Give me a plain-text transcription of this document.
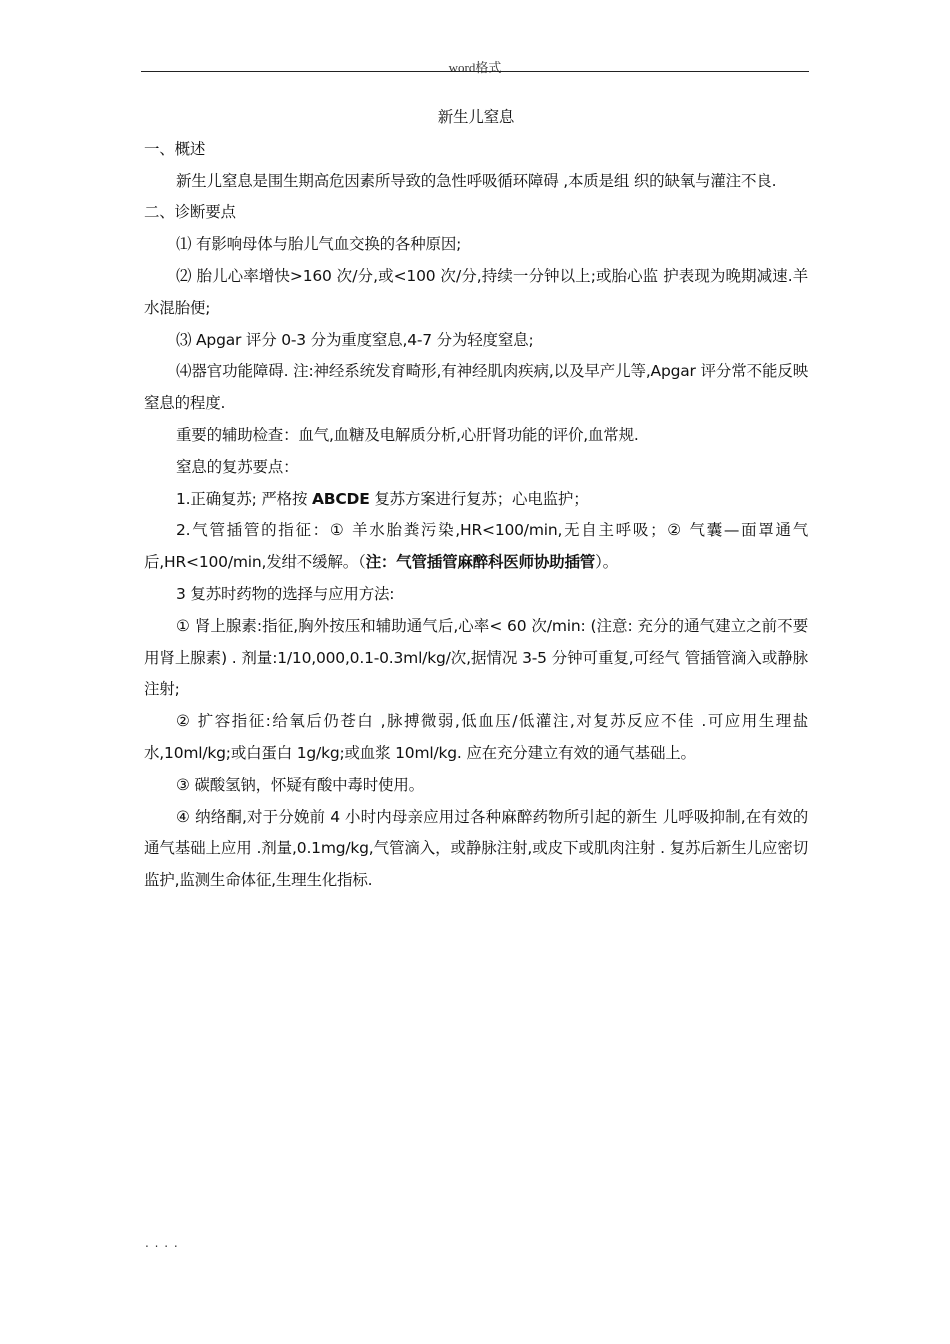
word格式

新生儿窒息

一、概述

新生儿窒息是围生期高危因素所导致的急性呼吸循环障碍 ,本质是组 织的缺氧与灌注不良.

二、诊断要点

⑴ 有影响母体与胎儿气血交换的各种原因;

⑵ 胎儿心率增快>160 次/分,或<100 次/分,持续一分钟以上;或胎心监 护表现为晚期减速.羊水混胎便;

⑶ Apgar 评分 0-3 分为重度窒息,4-7 分为轻度窒息;

⑷器官功能障碍. 注:神经系统发育畸形,有神经肌肉疾病,以及早产儿等,Apgar 评分常不能反映窒息的程度.

重要的辅助检查：血气,血糖及电解质分析,心肝肾功能的评价,血常规.

窒息的复苏要点：

1.正确复苏; 严格按 ABCDE 复苏方案进行复苏；心电监护；

2.气管插管的指征：① 羊水胎粪污染,HR<100/min,无自主呼吸；② 气囊—面罩通气后,HR<100/min,发绀不缓解。（注：气管插管麻醉科医师协助插管）。

3 复苏时药物的选择与应用方法:

① 肾上腺素:指征,胸外按压和辅助通气后,心率< 60 次/min: (注意: 充分的通气建立之前不要用肾上腺素) . 剂量:1/10,000,0.1-0.3ml/kg/次,据情况 3-5 分钟可重复,可经气 管插管滴入或静脉注射;

② 扩容指征:给氧后仍苍白 ,脉搏微弱,低血压/低灌注,对复苏反应不佳 .可应用生理盐水,10ml/kg;或白蛋白 1g/kg;或血浆 10ml/kg. 应在充分建立有效的通气基础上。

③ 碳酸氢钠，怀疑有酸中毒时使用。

④ 纳络酮,对于分娩前 4 小时内母亲应用过各种麻醉药物所引起的新生 儿呼吸抑制,在有效的通气基础上应用 .剂量,0.1mg/kg,气管滴入，或静脉注射,或皮下或肌肉注射 . 复苏后新生儿应密切监护,监测生命体征,生理生化指标.

. . . .
